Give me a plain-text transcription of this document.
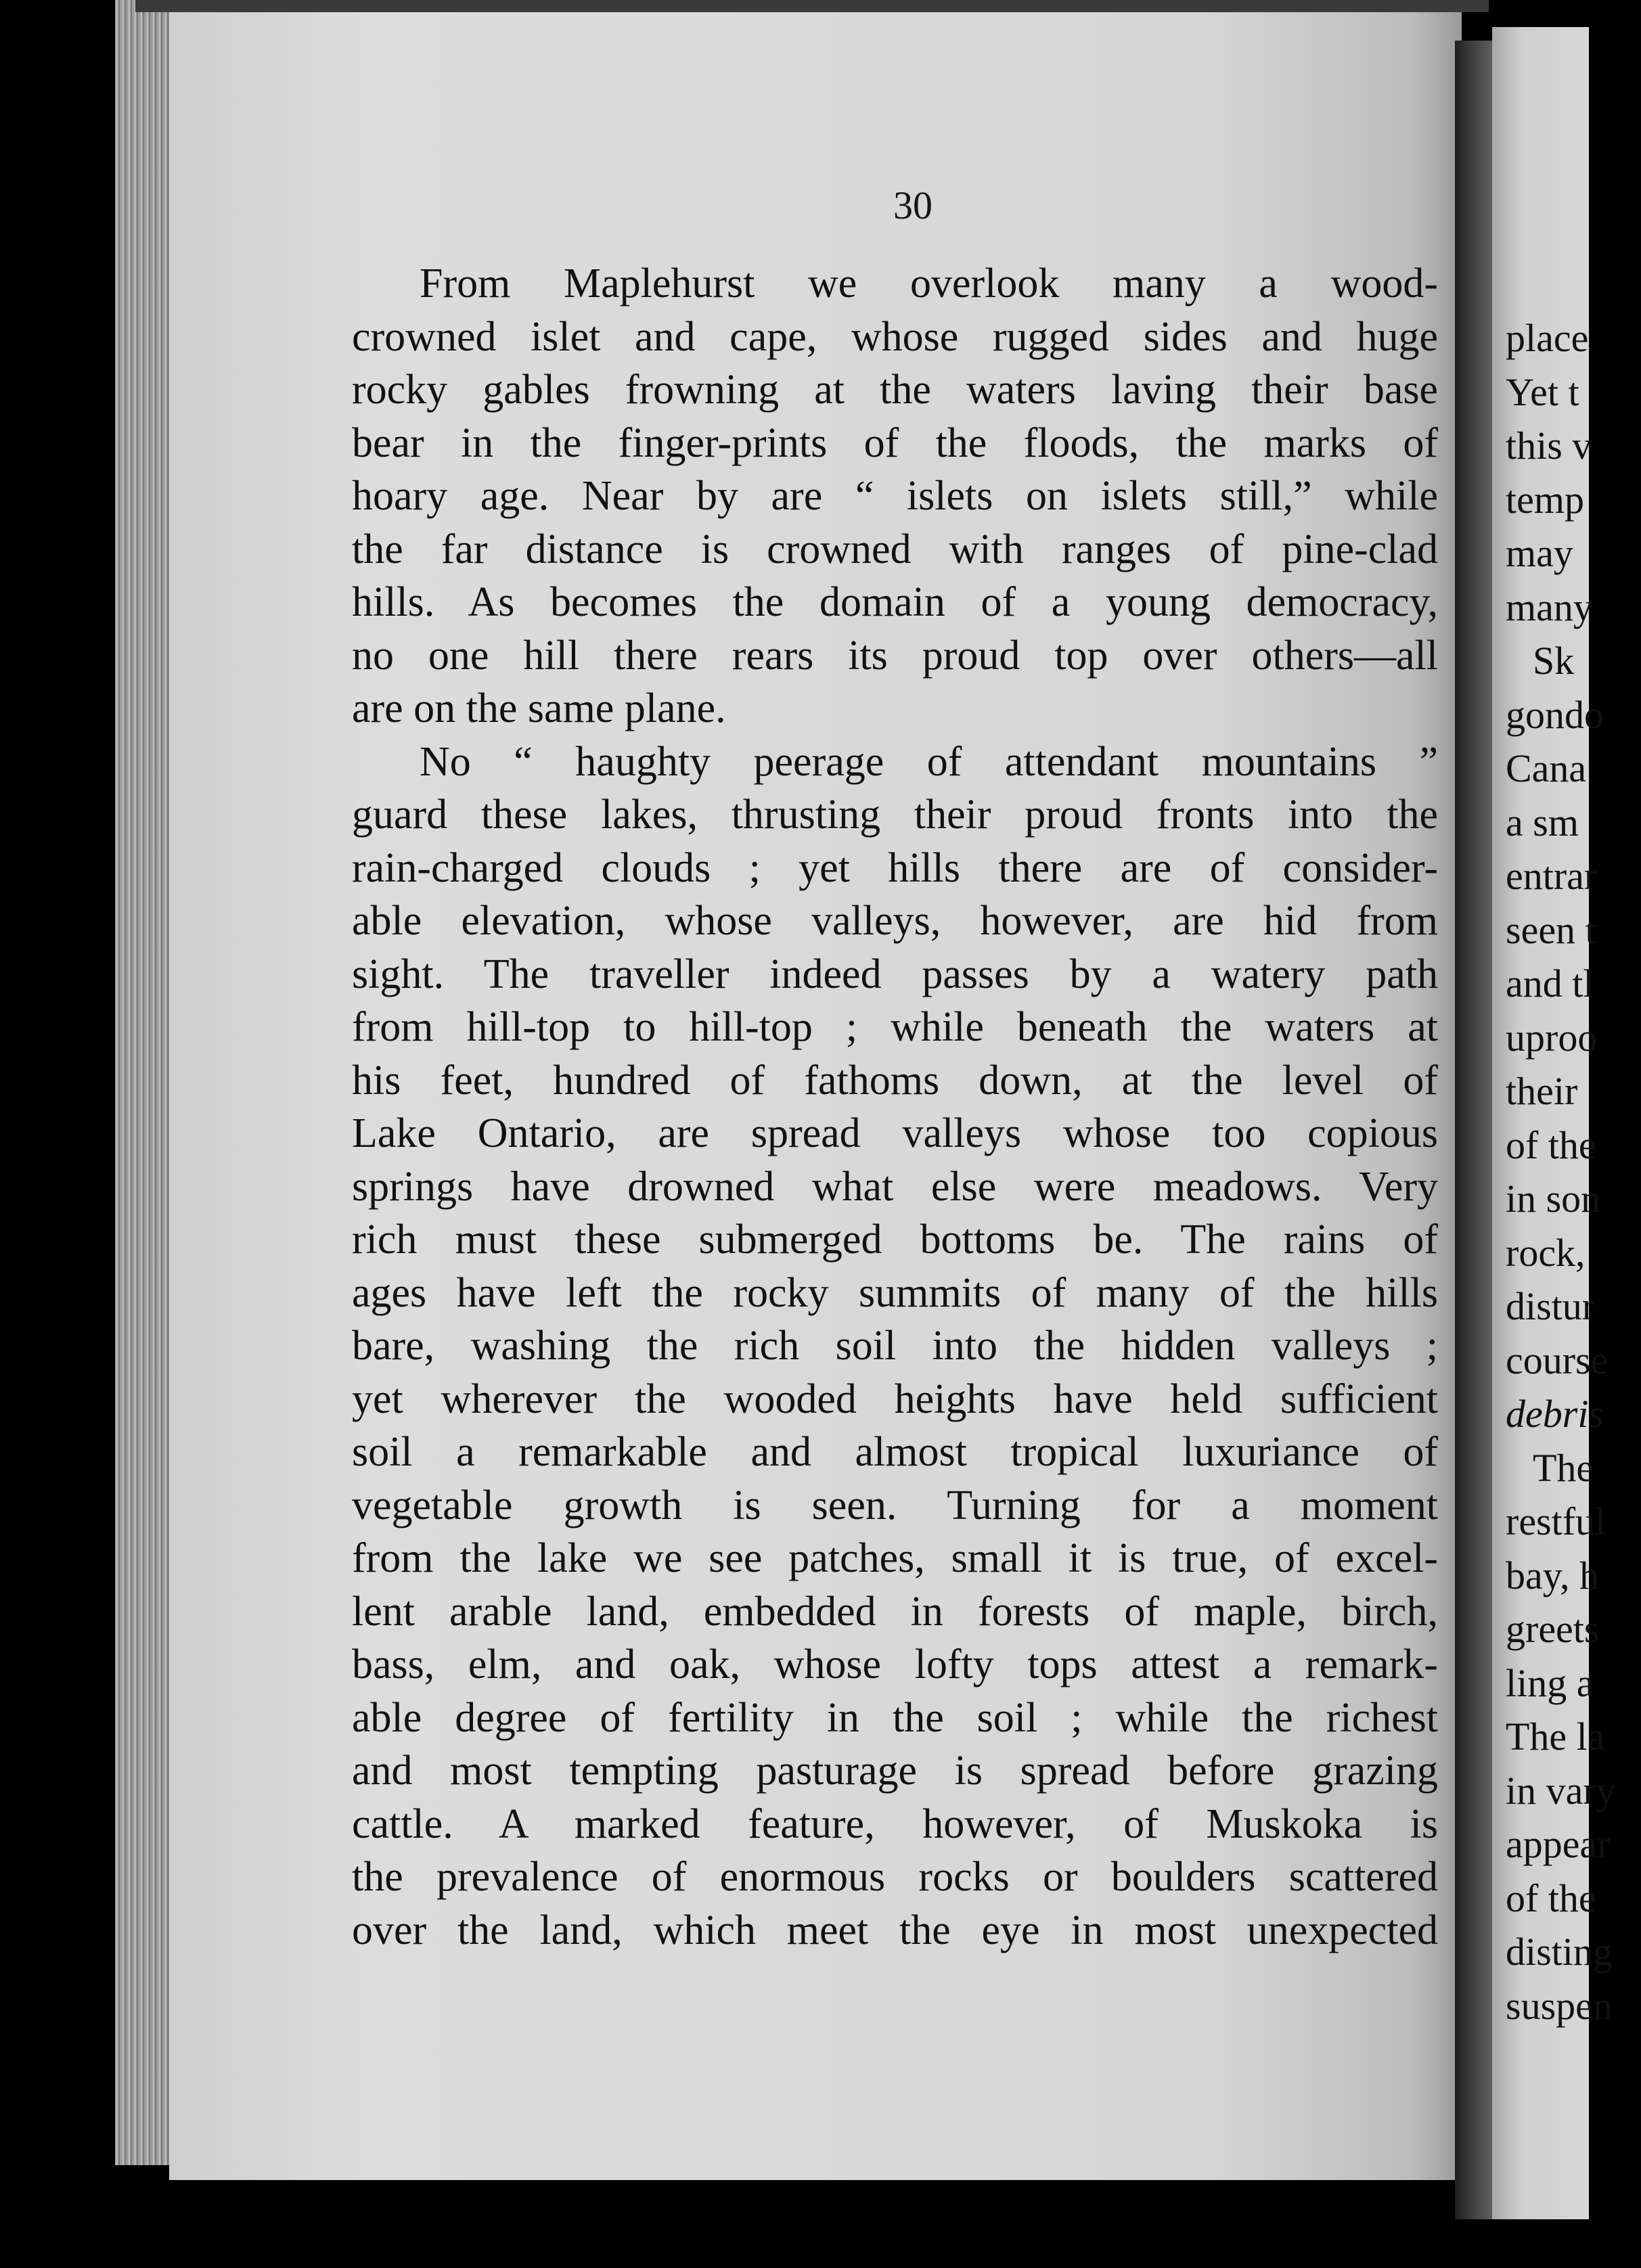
30
From Maplehurst we overlook many a wood-
crowned islet and cape, whose rugged sides and huge
rocky gables frowning at the waters laving their base
bear in the finger-prints of the floods, the marks of
hoary age. Near by are “ islets on islets still,” while
the far distance is crowned with ranges of pine-clad
hills. As becomes the domain of a young democracy,
no one hill there rears its proud top over others—all
are on the same plane.
No “ haughty peerage of attendant mountains ”
guard these lakes, thrusting their proud fronts into the
rain-charged clouds ; yet hills there are of consider-
able elevation, whose valleys, however, are hid from
sight. The traveller indeed passes by a watery path
from hill-top to hill-top ; while beneath the waters at
his feet, hundred of fathoms down, at the level of
Lake Ontario, are spread valleys whose too copious
springs have drowned what else were meadows. Very
rich must these submerged bottoms be. The rains of
ages have left the rocky summits of many of the hills
bare, washing the rich soil into the hidden valleys ;
yet wherever the wooded heights have held sufficient
soil a remarkable and almost tropical luxuriance of
vegetable growth is seen. Turning for a moment
from the lake we see patches, small it is true, of excel-
lent arable land, embedded in forests of maple, birch,
bass, elm, and oak, whose lofty tops attest a remark-
able degree of fertility in the soil ; while the richest
and most tempting pasturage is spread before grazing
cattle. A marked feature, however, of Muskoka is
the prevalence of enormous rocks or boulders scattered
over the land, which meet the eye in most unexpected
place
Yet t
this v
temp
may
many
Sk
gondo
Cana
a sm
entrar
seen t
and tl
uproo
their
of the
in son
rock,
distur
course
debris
The
restful
bay, h
greets
ling a
The la
in vary
appear
of the
disting
suspen
